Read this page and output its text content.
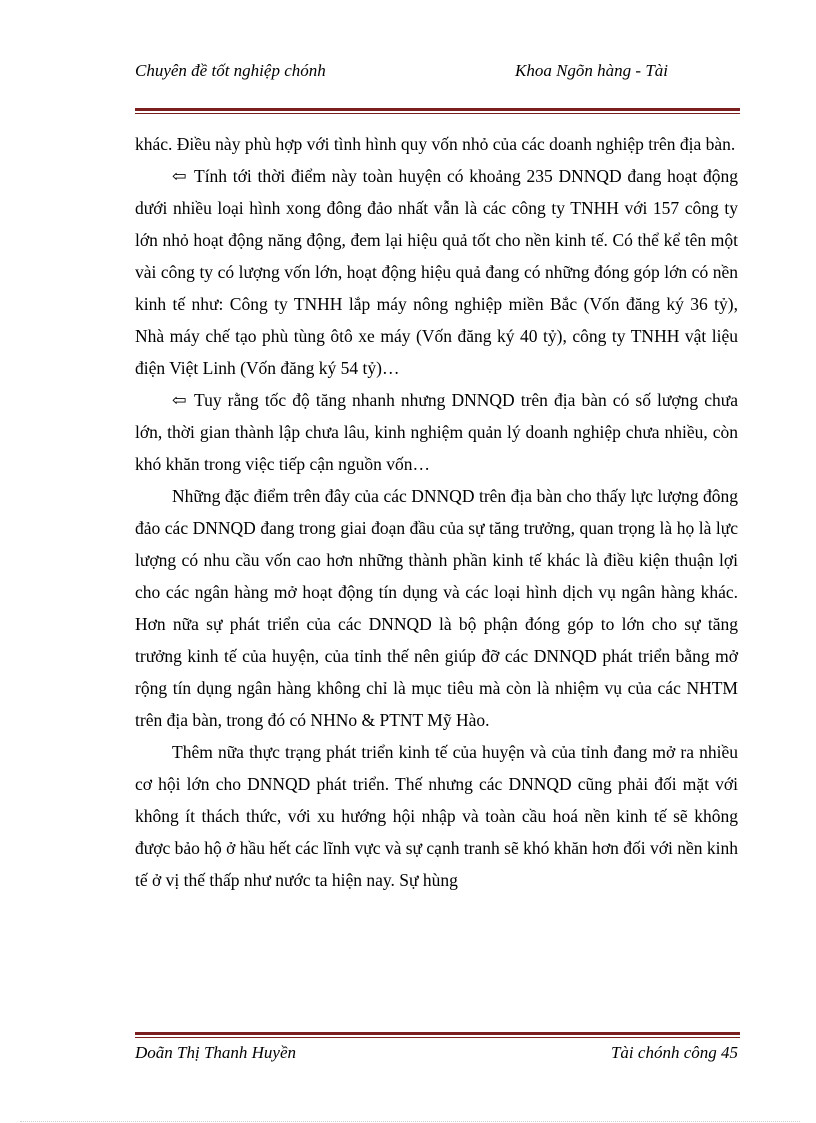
Chuyên đề tốt nghiệp chónh	Khoa Ngõn hàng - Tài

khác. Điều này phù hợp với tình hình quy vốn nhỏ của các doanh nghiệp trên địa bàn.

⇦ Tính tới thời điểm này toàn huyện có khoảng 235 DNNQD đang hoạt động dưới nhiều loại hình xong đông đảo nhất vẫn là các công ty TNHH với 157 công ty lớn nhỏ hoạt động năng động, đem lại hiệu quả tốt cho nền kinh tế. Có thể kể tên một vài công ty có lượng vốn lớn, hoạt động hiệu quả đang có những đóng góp lớn có nền kinh tế như: Công ty TNHH lắp máy nông nghiệp miền Bắc (Vốn đăng ký 36 tỷ), Nhà máy chế tạo phù tùng ôtô xe máy (Vốn đăng ký 40 tỷ), công ty TNHH vật liệu điện Việt Linh (Vốn đăng ký 54 tỷ)…

⇦ Tuy rằng tốc độ tăng nhanh nhưng DNNQD trên địa bàn có số lượng chưa lớn, thời gian thành lập chưa lâu, kinh nghiệm quản lý doanh nghiệp chưa nhiều, còn khó khăn trong việc tiếp cận nguồn vốn…

Những đặc điểm trên đây của các DNNQD trên địa bàn cho thấy lực lượng đông đảo các DNNQD đang trong giai đoạn đầu của sự tăng trưởng, quan trọng là họ là lực lượng có nhu cầu vốn cao hơn những thành phần kinh tế khác là điều kiện thuận lợi cho các ngân hàng mở hoạt động tín dụng và các loại hình dịch vụ ngân hàng khác. Hơn nữa sự phát triển của các DNNQD là bộ phận đóng góp to lớn cho sự tăng trưởng kinh tế của huyện, của tỉnh thế nên giúp đỡ các DNNQD phát triển bằng mở rộng tín dụng ngân hàng không chỉ là mục tiêu mà còn là nhiệm vụ của các NHTM trên địa bàn, trong đó có NHNo & PTNT Mỹ Hào.

Thêm nữa thực trạng phát triển kinh tế của huyện và của tỉnh đang mở ra nhiều cơ hội lớn cho DNNQD phát triển. Thế nhưng các DNNQD cũng phải đối mặt với không ít thách thức, với xu hướng hội nhập và toàn cầu hoá nền kinh tế sẽ không được bảo hộ ở hầu hết các lĩnh vực và sự cạnh tranh sẽ khó khăn hơn đối với nền kinh tế ở vị thế thấp như nước ta hiện nay. Sự hùng

Doãn Thị Thanh Huyền	Tài chónh công 45
